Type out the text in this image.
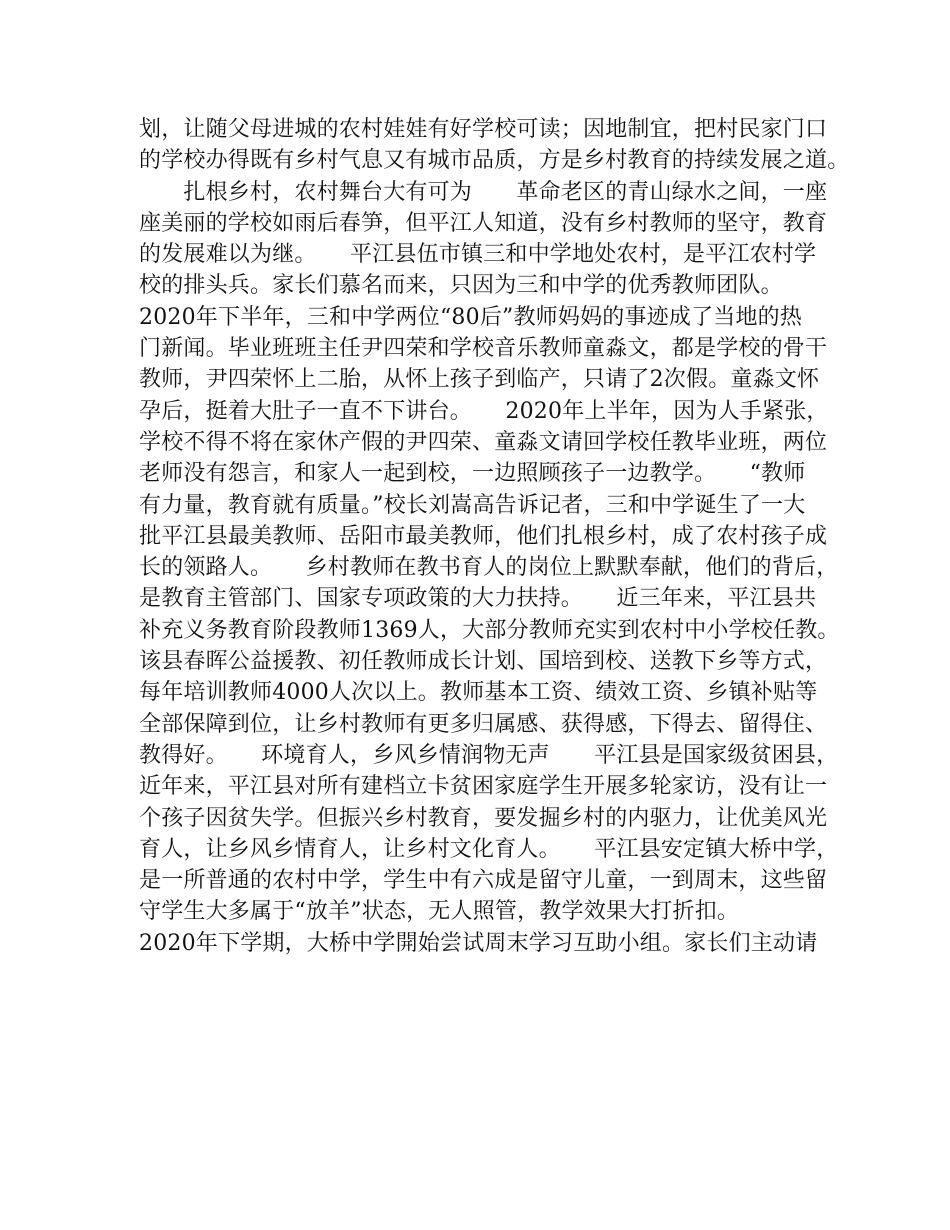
划，让随父母进城的农村娃娃有好学校可读；因地制宜，把村民家门口
的学校办得既有乡村气息又有城市品质，方是乡村教育的持续发展之道。
　　扎根乡村，农村舞台大有可为　　革命老区的青山绿水之间，一座
座美丽的学校如雨后春笋，但平江人知道，没有乡村教师的坚守，教育
的发展难以为继。　　平江县伍市镇三和中学地处农村，是平江农村学
校的排头兵。家长们慕名而来，只因为三和中学的优秀教师团队。
2020年下半年，三和中学两位“80后”教师妈妈的事迹成了当地的热
门新闻。毕业班班主任尹四荣和学校音乐教师童淼文，都是学校的骨干
教师，尹四荣怀上二胎，从怀上孩子到临产，只请了2次假。童淼文怀
孕后，挺着大肚子一直不下讲台。　　2020年上半年，因为人手紧张，
学校不得不将在家休产假的尹四荣、童淼文请回学校任教毕业班，两位
老师没有怨言，和家人一起到校，一边照顾孩子一边教学。　　“教师
有力量，教育就有质量。”校长刘嵩高告诉记者，三和中学诞生了一大
批平江县最美教师、岳阳市最美教师，他们扎根乡村，成了农村孩子成
长的领路人。　　乡村教师在教书育人的岗位上默默奉献，他们的背后，
是教育主管部门、国家专项政策的大力扶持。　　近三年来，平江县共
补充义务教育阶段教师1369人，大部分教师充实到农村中小学校任教。
该县春晖公益援教、初任教师成长计划、国培到校、送教下乡等方式，
每年培训教师4000人次以上。教师基本工资、绩效工资、乡镇补贴等
全部保障到位，让乡村教师有更多归属感、获得感，下得去、留得住、
教得好。　　环境育人，乡风乡情润物无声　　平江县是国家级贫困县，
近年来，平江县对所有建档立卡贫困家庭学生开展多轮家访，没有让一
个孩子因贫失学。但振兴乡村教育，要发掘乡村的内驱力，让优美风光
育人，让乡风乡情育人，让乡村文化育人。　　平江县安定镇大桥中学，
是一所普通的农村中学，学生中有六成是留守儿童，一到周末，这些留
守学生大多属于“放羊”状态，无人照管，教学效果大打折扣。
2020年下学期，大桥中学開始尝试周末学习互助小组。家长们主动请
